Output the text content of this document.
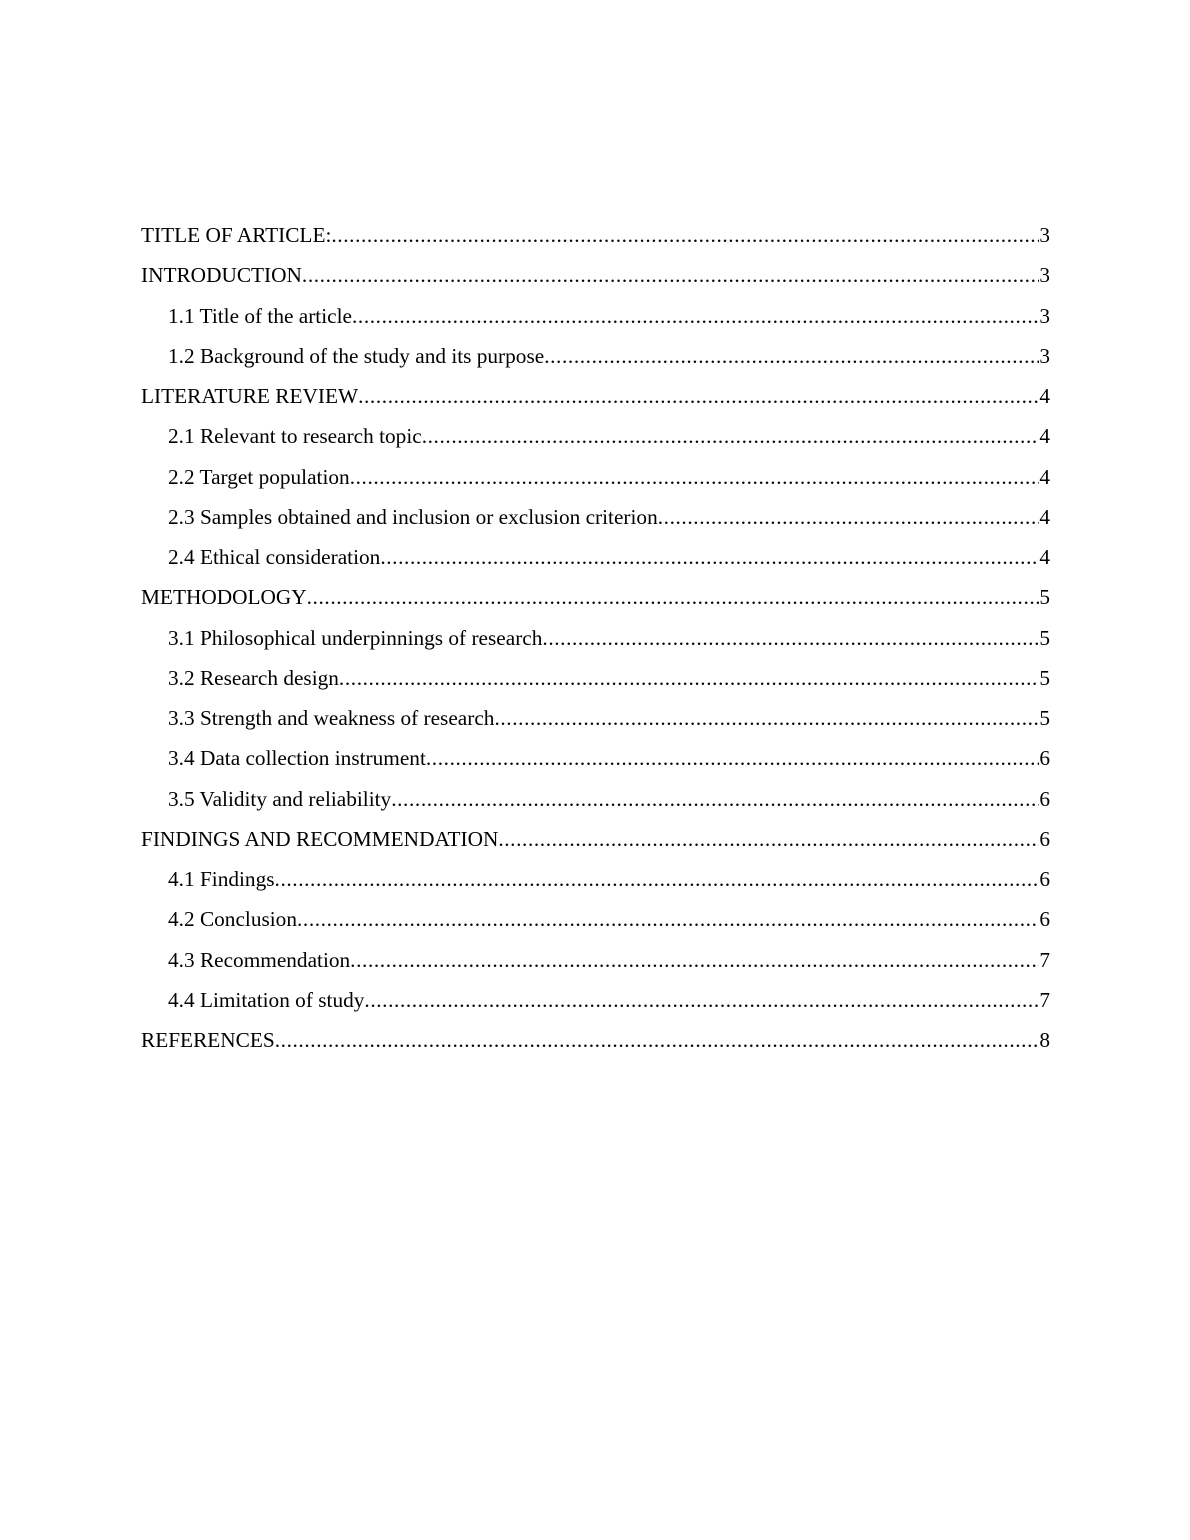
TITLE OF ARTICLE: .....	3
INTRODUCTION .....	3
1.1 Title of the article .....	3
1.2 Background of the study and its purpose .....	3
LITERATURE REVIEW .....	4
2.1 Relevant to research topic .....	4
2.2 Target population .....	4
2.3 Samples obtained and inclusion or exclusion criterion .....	4
2.4 Ethical consideration .....	4
METHODOLOGY .....	5
3.1 Philosophical underpinnings of research .....	5
3.2 Research design .....	5
3.3 Strength and weakness of research .....	5
3.4 Data collection instrument .....	6
3.5 Validity and reliability .....	6
FINDINGS AND RECOMMENDATION .....	6
4.1 Findings .....	6
4.2 Conclusion .....	6
4.3 Recommendation .....	7
4.4 Limitation of study .....	7
REFERENCES .....	8
